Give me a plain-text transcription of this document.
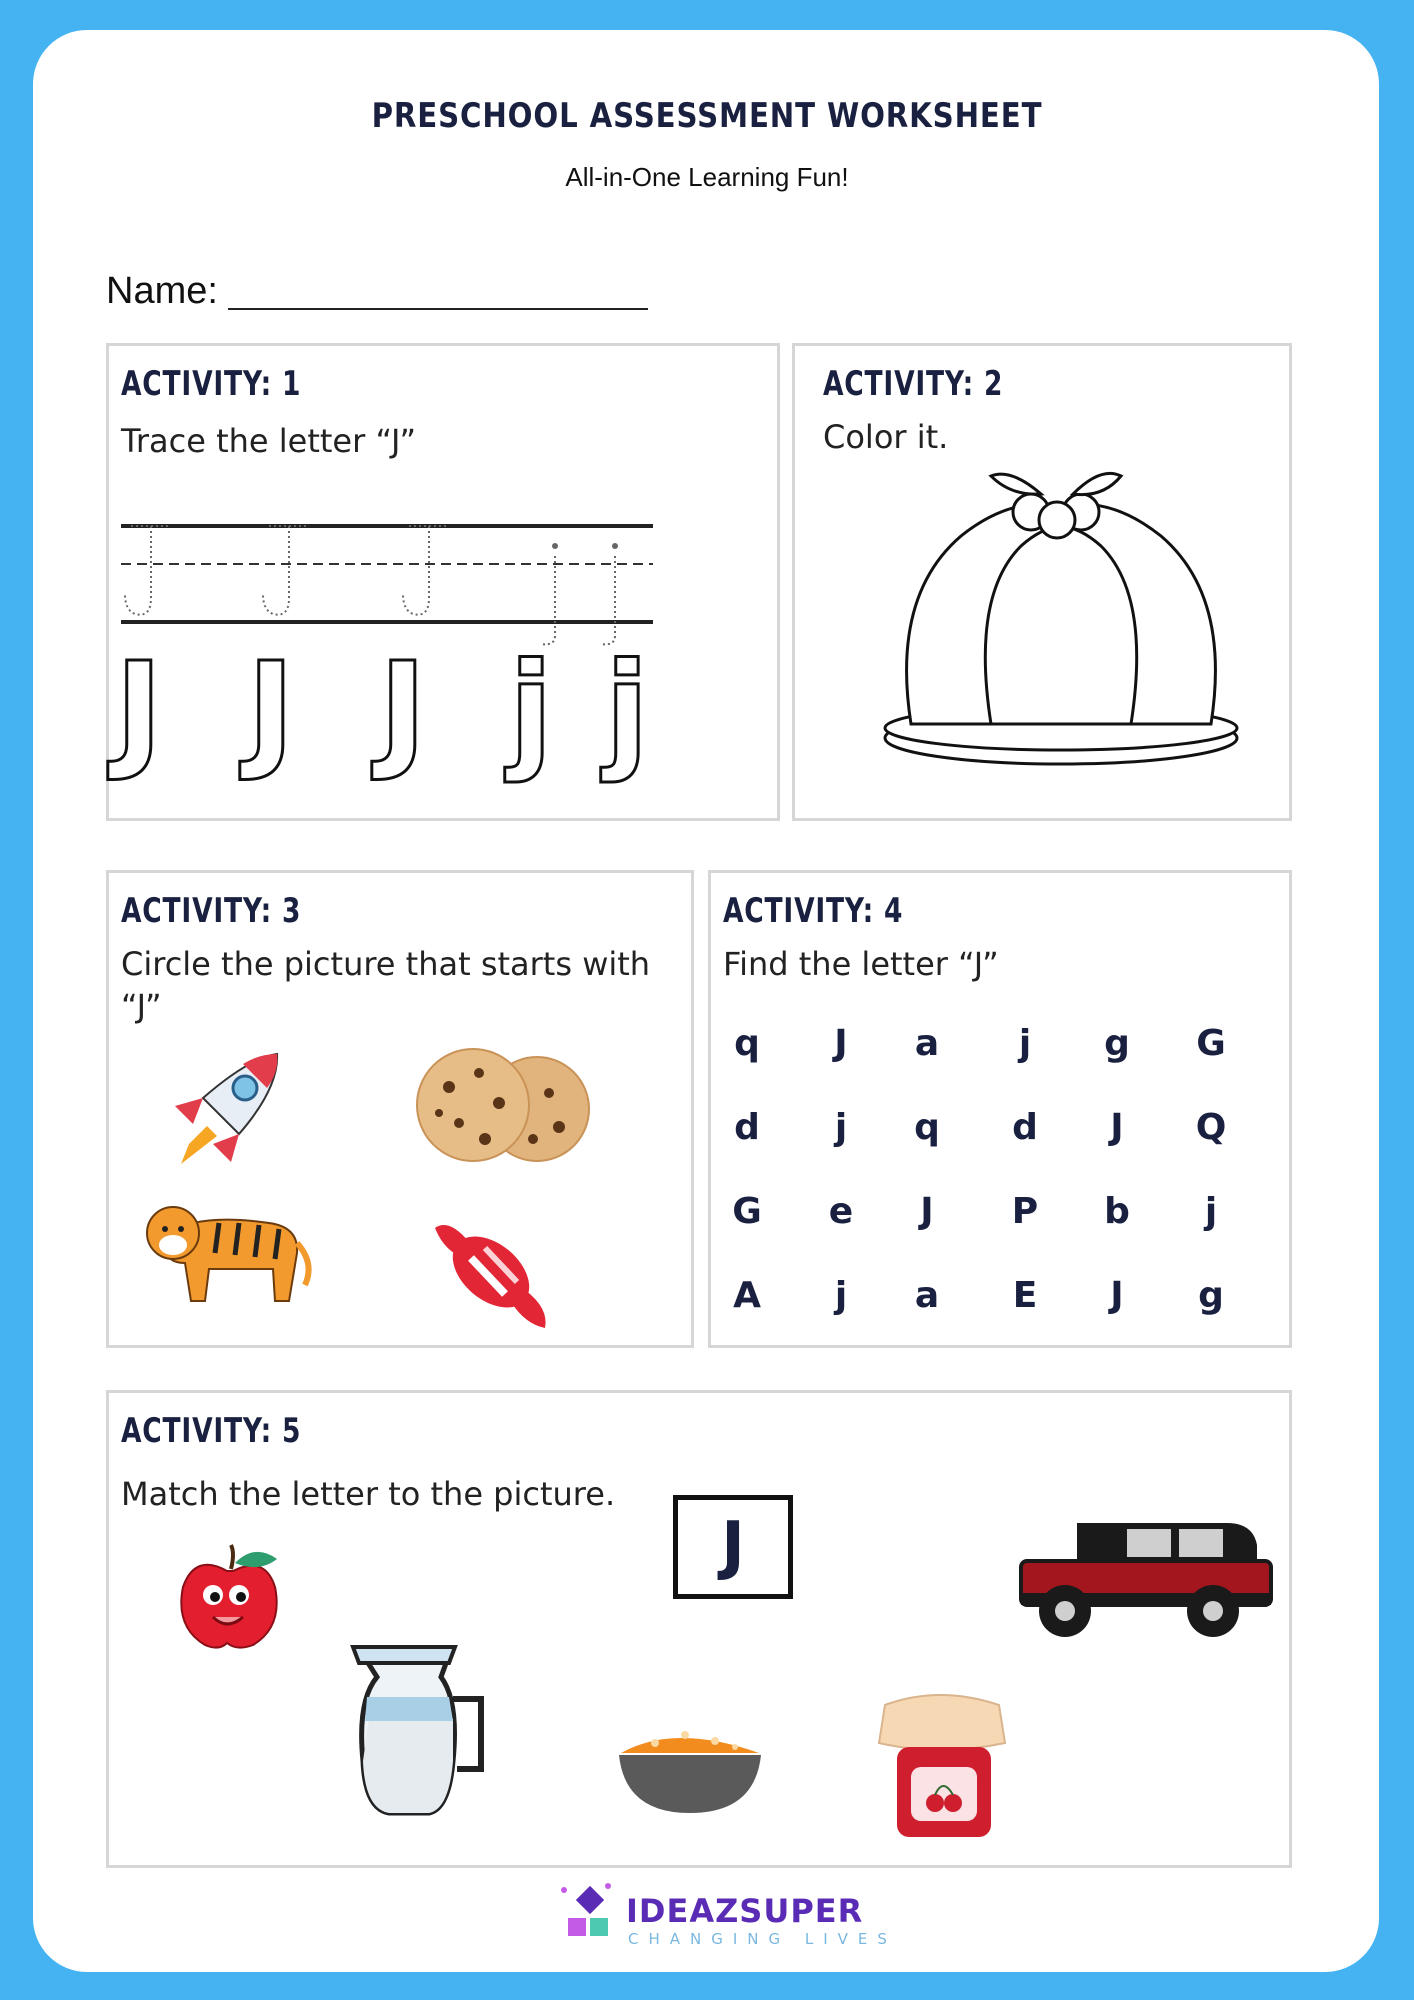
PRESCHOOL ASSESSMENT WORKSHEET
All-in-One Learning Fun!
Name:
ACTIVITY: 1
Trace the letter “J”
J J J j j
ACTIVITY: 2
Color it.
ACTIVITY: 3
Circle the picture that starts with “J”
ACTIVITY: 4
Find the letter “J”
q	J	a	j	g	G
d	j	q	d	J	Q
G	e	J	P	b	j
A	j	a	E	J	g
ACTIVITY: 5
Match the letter to the picture.
J
IDEAZSUPER
CHANGING LIVES
